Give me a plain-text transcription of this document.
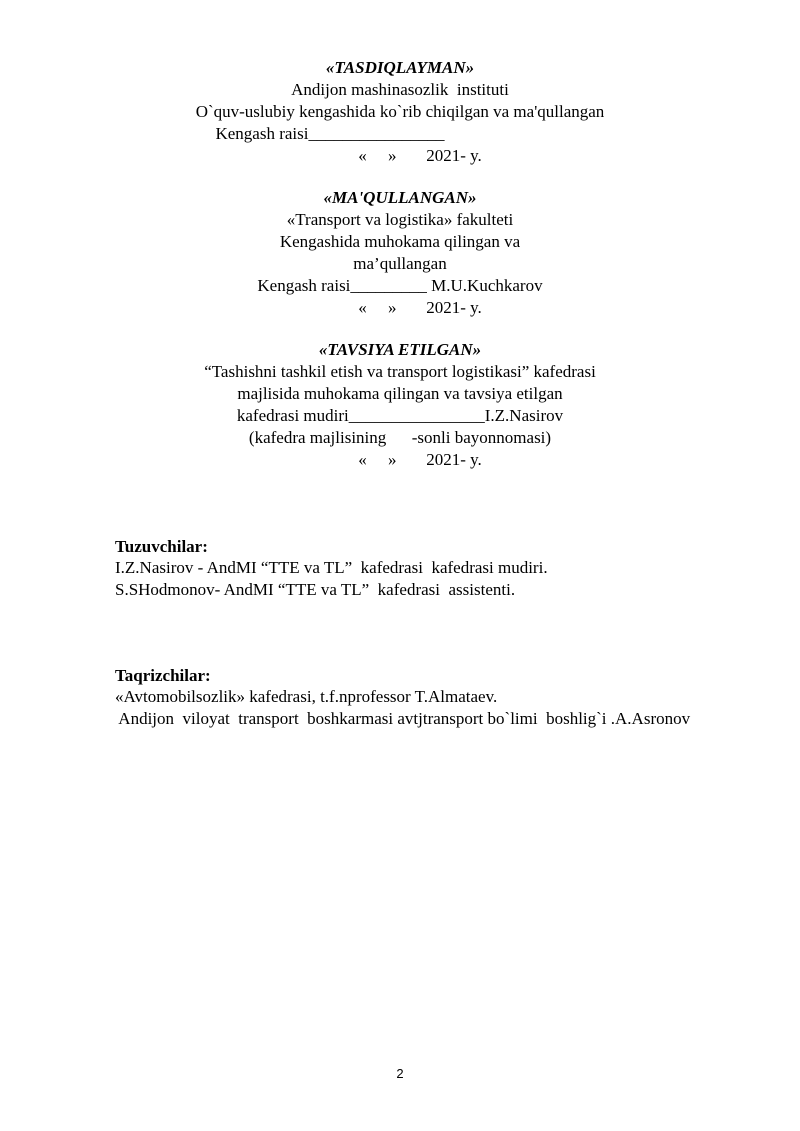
«TASDIQLAYMAN»
Andijon mashinasozlik  instituti
O`quv-uslubiy kengashida ko`rib chiqilgan va ma'qullangan
Kengash raisi________________
«     »       2021- y.
«MA'QULLANGAN»
«Transport va logistika» fakulteti
Kengashida muhokama qilingan va
ma’qullangan
Kengash raisi_________ M.U.Kuchkarov
«     »       2021- y.
«TAVSIYA ETILGAN»
“Tashishni tashkil etish va transport logistikasi” kafedrasi
majlisida muhokama qilingan va tavsiya etilgan
kafedrasi mudiri________________I.Z.Nasirov
(kafedra majlisining      -sonli bayonnomasi)
«     »       2021- y.
Tuzuvchilar:
I.Z.Nasirov - AndMI “TTE va TL”  kafedrasi  kafedrasi mudiri.
S.SHodmonov- AndMI “TTE va TL”  kafedrasi  assistenti.
Taqrizchilar:
«Avtomobilsozlik» kafedrasi, t.f.nprofessor T.Almataev.
Andijon  viloyat  transport  boshkarmasi avtjtransport bo`limi  boshlig`i .A.Asronov
2
